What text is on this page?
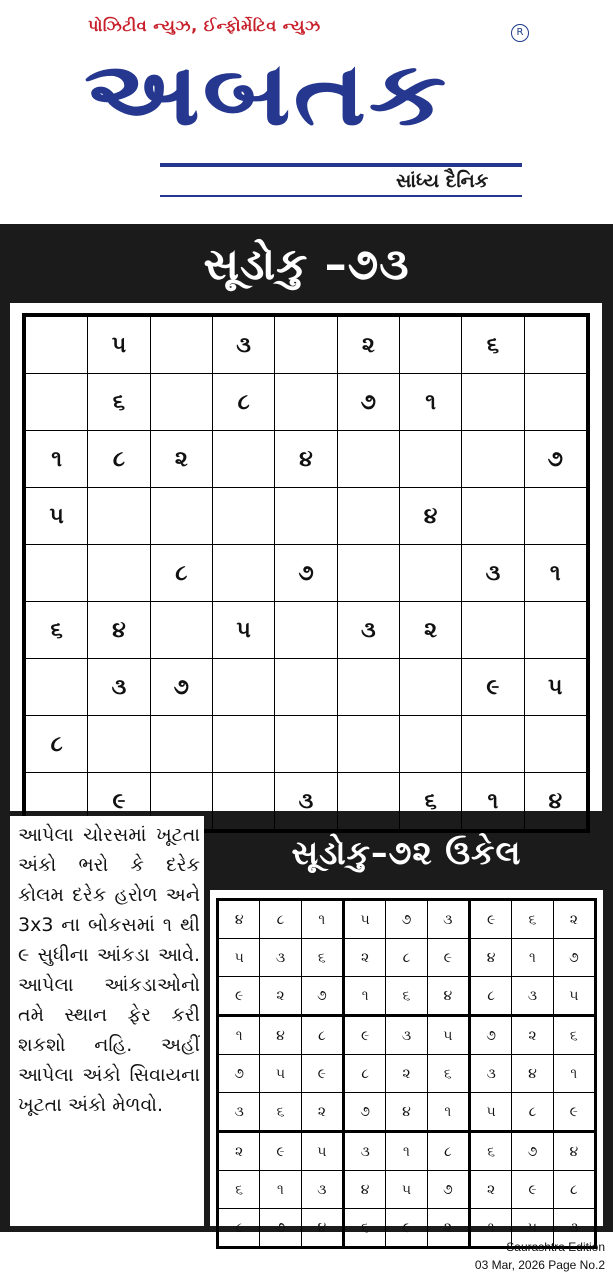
પોઝિટીવ ન્યુઝ, ઈન્ફોર્મેટિવ ન્યુઝ	R
અબતક
સાંધ્ય દૈનિક
સૂડોકુ –૭૩
	૫		૩		૨		૬	
	૬		૮		૭	૧		
૧	૮	૨		૪				૭
૫						૪		
		૮		૭			૩	૧
૬	૪		૫		૩	૨		
	૩	૭					૯	૫
૮								
	૯			૩		૬	૧	૪
આપેલા ચોરસમાં ખૂટતા અંકો ભરો કે દરેક કોલમ દરેક હરોળ અને 3x3 ના બોકસમાં ૧ થી ૯ સુધીના આંકડા આવે. આપેલા આંકડાઓનો તમે સ્થાન ફેર કરી શકશો નહિ. અહીં આપેલા અંકો સિવાયના ખૂટતા અંકો મેળવો.
સૂડોકુ–૭૨ ઉકેલ
૪	૮	૧	૫	૭	૩	૯	૬	૨
૫	૩	૬	૨	૮	૯	૪	૧	૭
૯	૨	૭	૧	૬	૪	૮	૩	૫
૧	૪	૮	૯	૩	૫	૭	૨	૬
૭	૫	૯	૮	૨	૬	૩	૪	૧
૩	૬	૨	૭	૪	૧	૫	૮	૯
૨	૯	૫	૩	૧	૮	૬	૭	૪
૬	૧	૩	૪	૫	૭	૨	૯	૮
૮	૭	૪	૬	૯	૨	૧	૫	૩
Saurashtra Edition
03 Mar, 2026 Page No.2
